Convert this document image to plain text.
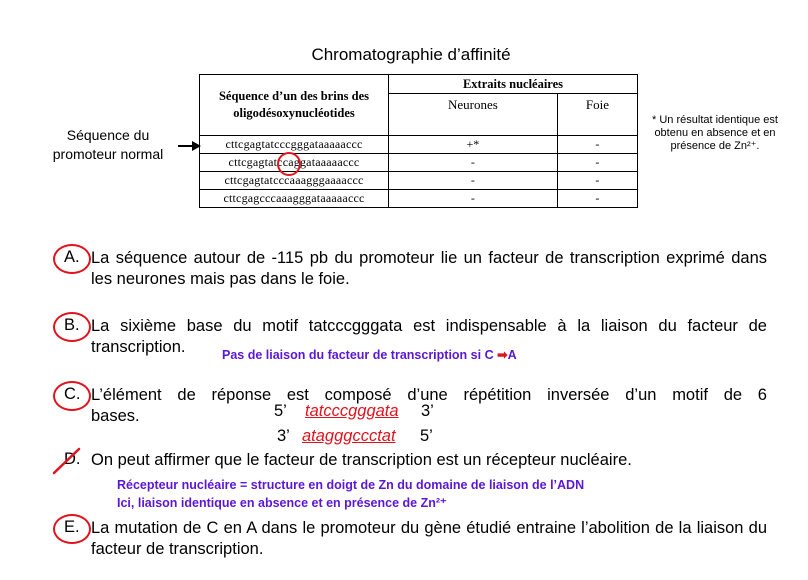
Chromatographie d’affinité
Séquence d’un des brins des oligodésoxynucléotides	Extraits nucléaires	
	Neurones	Foie
cttcgagtatcccgggataaaaaccc	+*	-
cttcgagtatccaggataaaaaccc	-	-
cttcgagtatcccaaagggaaaaccc	-	-
cttcgagcccaaagggataaaaaccc	-	-
Séquence du promoteur normal
* Un résultat identique est obtenu en absence et en présence de Zn²⁺.
A. La séquence autour de -115 pb du promoteur lie un facteur de transcription exprimé dans les neurones mais pas dans le foie.
B. La sixième base du motif tatcccgggata est indispensable à la liaison du facteur de
transcription.	Pas de liaison du facteur de transcription si C ➡A
C. L’élément de réponse est composé d’une répétition inversée d’un motif de 6
bases.	5’ tatcccgggata 3’
3’ atagggccctat 5’
D. On peut affirmer que le facteur de transcription est un récepteur nucléaire.
Récepteur nucléaire = structure en doigt de Zn du domaine de liaison de l’ADN
Ici, liaison identique en absence et en présence de Zn²⁺
E. La mutation de C en A dans le promoteur du gène étudié entraine l’abolition de la liaison du facteur de transcription.
